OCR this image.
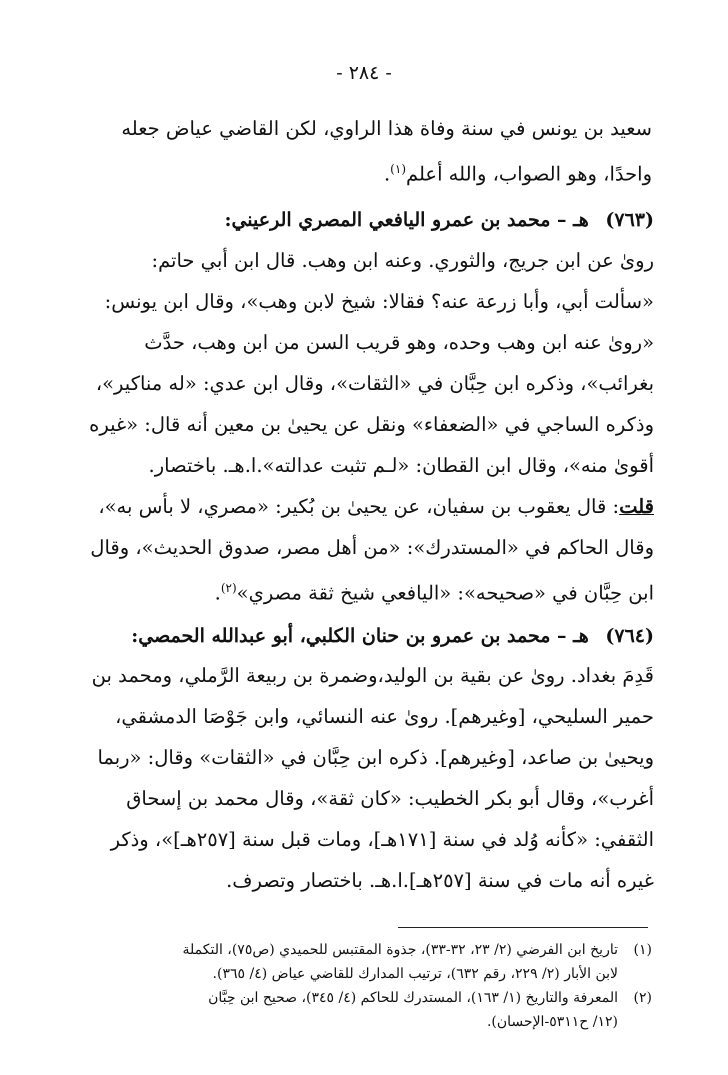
- ٢٨٤ -
سعيد بن يونس في سنة وفاة هذا الراوي، لكن القاضي عياض جعله
واحدًا، وهو الصواب، والله أعلم$^{(١)}$.
(٧٦٣) هـ – محمد بن عمرو اليافعي المصري الرعيني:
رویٰ عن ابن جريج، والثوري. وعنه ابن وهب. قال ابن أبي حاتم:
«سألت أبي، وأبا زرعة عنه؟ فقالا: شيخ لابن وهب»، وقال ابن يونس:
«رویٰ عنه ابن وهب وحده، وهو قريب السن من ابن وهب، حدَّث
بغرائب»، وذكره ابن حِبَّان في «الثقات»، وقال ابن عدي: «له مناكير»،
وذكره الساجي في «الضعفاء» ونقل عن يحيىٰ بن معين أنه قال: «غيره
أقوىٰ منه»، وقال ابن القطان: «لـم تثبت عدالته».ا.هـ. باختصار.
قلت: قال يعقوب بن سفيان، عن يحيىٰ بن بُكير: «مصري، لا بأس به»،
وقال الحاكم في «المستدرك»: «من أهل مصر، صدوق الحديث»، وقال
ابن حِبَّان في «صحيحه»: «اليافعي شيخ ثقة مصري»$^{(٢)}$.
(٧٦٤) هـ – محمد بن عمرو بن حنان الكلبي، أبو عبدالله الحمصي:
قَدِمَ بغداد. رویٰ عن بقية بن الوليد،وضمرة بن ربيعة الرَّملي، ومحمد بن
حمير السليحي، [وغيرهم]. رویٰ عنه النسائي، وابن جَوْصَا الدمشقي،
ويحيىٰ بن صاعد، [وغيرهم]. ذكره ابن حِبَّان في «الثقات» وقال: «ربما
أغرب»، وقال أبو بكر الخطيب: «كان ثقة»، وقال محمد بن إسحاق
الثقفي: «كأنه وُلد في سنة [١٧١هـ]، ومات قبل سنة [٢٥٧هـ]»، وذكر
غيره أنه مات في سنة [٢٥٧هـ].ا.هـ. باختصار وتصرف.
(١)تاريخ ابن الفرضي (٢/ ٢٣، ٣٢-٣٣)، جذوة المقتبس للحميدي (ص٧٥)، التكملة
لابن الأبار (٢/ ٢٢٩، رقم ٦٣٢)، ترتيب المدارك للقاضي عياض (٤/ ٣٦٥).
(٢)المعرفة والتاريخ (١/ ١٦٣)، المستدرك للحاكم (٤/ ٣٤٥)، صحيح ابن حِبَّان
(١٢/ ح٥٣١١-الإحسان).
